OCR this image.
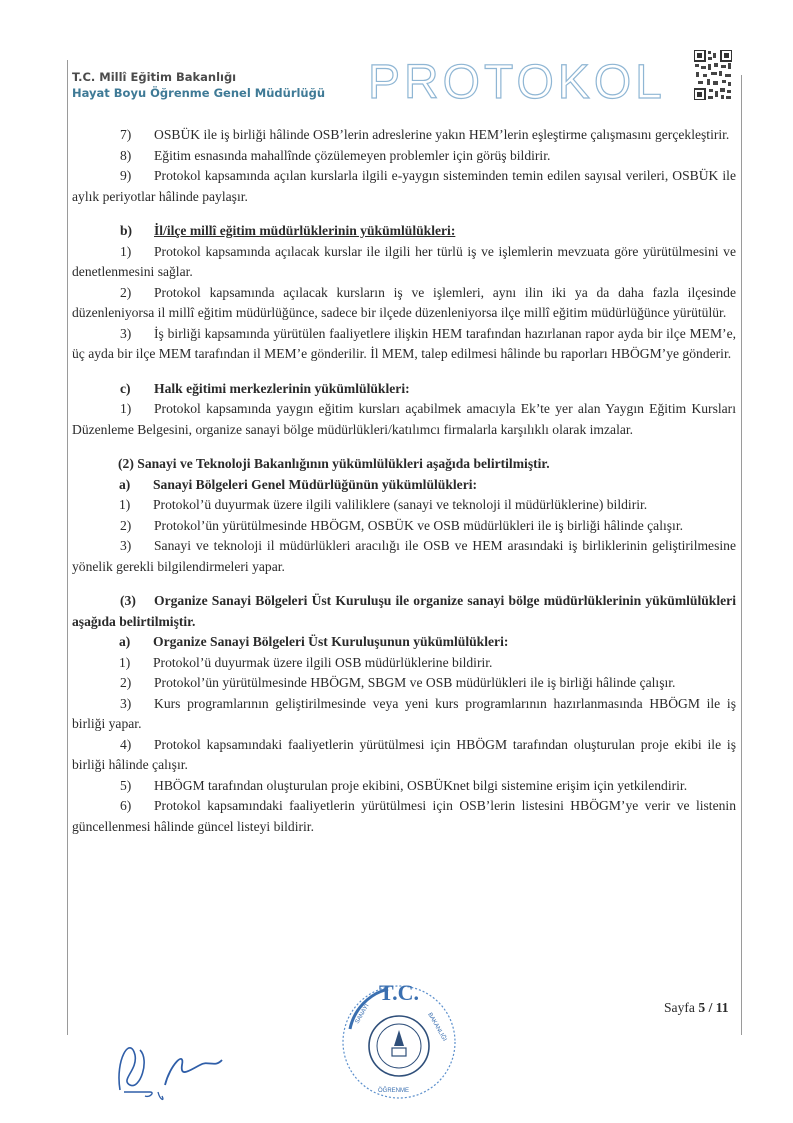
T.C. Millî Eğitim Bakanlığı
Hayat Boyu Öğrenme Genel Müdürlüğü PROTOKOL

7) OSBÜK ile iş birliği hâlinde OSB’lerin adreslerine yakın HEM’lerin eşleştirme çalışmasını gerçekleştirir.

8) Eğitim esnasında mahallînde çözülemeyen problemler için görüş bildirir.

9) Protokol kapsamında açılan kurslarla ilgili e-yaygın sisteminden temin edilen sayısal verileri, OSBÜK ile aylık periyotlar hâlinde paylaşır.

b) İl/ilçe millî eğitim müdürlüklerinin yükümlülükleri:

1) Protokol kapsamında açılacak kurslar ile ilgili her türlü iş ve işlemlerin mevzuata göre yürütülmesini ve denetlenmesini sağlar.

2) Protokol kapsamında açılacak kursların iş ve işlemleri, aynı ilin iki ya da daha fazla ilçesinde düzenleniyorsa il millî eğitim müdürlüğünce, sadece bir ilçede düzenleniyorsa ilçe millî eğitim müdürlüğünce yürütülür.

3) İş birliği kapsamında yürütülen faaliyetlere ilişkin HEM tarafından hazırlanan rapor ayda bir ilçe MEM’e, üç ayda bir ilçe MEM tarafından il MEM’e gönderilir. İl MEM, talep edilmesi hâlinde bu raporları HBÖGM’ye gönderir.

c) Halk eğitimi merkezlerinin yükümlülükleri:

1) Protokol kapsamında yaygın eğitim kursları açabilmek amacıyla Ek’te yer alan Yaygın Eğitim Kursları Düzenleme Belgesini, organize sanayi bölge müdürlükleri/katılımcı firmalarla karşılıklı olarak imzalar.

(2) Sanayi ve Teknoloji Bakanlığının yükümlülükleri aşağıda belirtilmiştir.

a) Sanayi Bölgeleri Genel Müdürlüğünün yükümlülükleri:

1) Protokol’ü duyurmak üzere ilgili valiliklere (sanayi ve teknoloji il müdürlüklerine) bildirir.

2) Protokol’ün yürütülmesinde HBÖGM, OSBÜK ve OSB müdürlükleri ile iş birliği hâlinde çalışır.

3) Sanayi ve teknoloji il müdürlükleri aracılığı ile OSB ve HEM arasındaki iş birliklerinin geliştirilmesine yönelik gerekli bilgilendirmeleri yapar.

(3) Organize Sanayi Bölgeleri Üst Kuruluşu ile organize sanayi bölge müdürlüklerinin yükümlülükleri aşağıda belirtilmiştir.

a) Organize Sanayi Bölgeleri Üst Kuruluşunun yükümlülükleri:

1) Protokol’ü duyurmak üzere ilgili OSB müdürlüklerine bildirir.

2) Protokol’ün yürütülmesinde HBÖGM, SBGM ve OSB müdürlükleri ile iş birliği hâlinde çalışır.

3) Kurs programlarının geliştirilmesinde veya yeni kurs programlarının hazırlanmasında HBÖGM ile iş birliği yapar.

4) Protokol kapsamındaki faaliyetlerin yürütülmesi için HBÖGM tarafından oluşturulan proje ekibi ile iş birliği hâlinde çalışır.

5) HBÖGM tarafından oluşturulan proje ekibini, OSBÜKnet bilgi sistemine erişim için yetkilendirir.

6) Protokol kapsamındaki faaliyetlerin yürütülmesi için OSB’lerin listesini HBÖGM’ye verir ve listenin güncellenmesi hâlinde güncel listeyi bildirir.

Sayfa 5 / 11
T.C.
SANAYİ	BAKANLIĞI
ÖĞRENME
